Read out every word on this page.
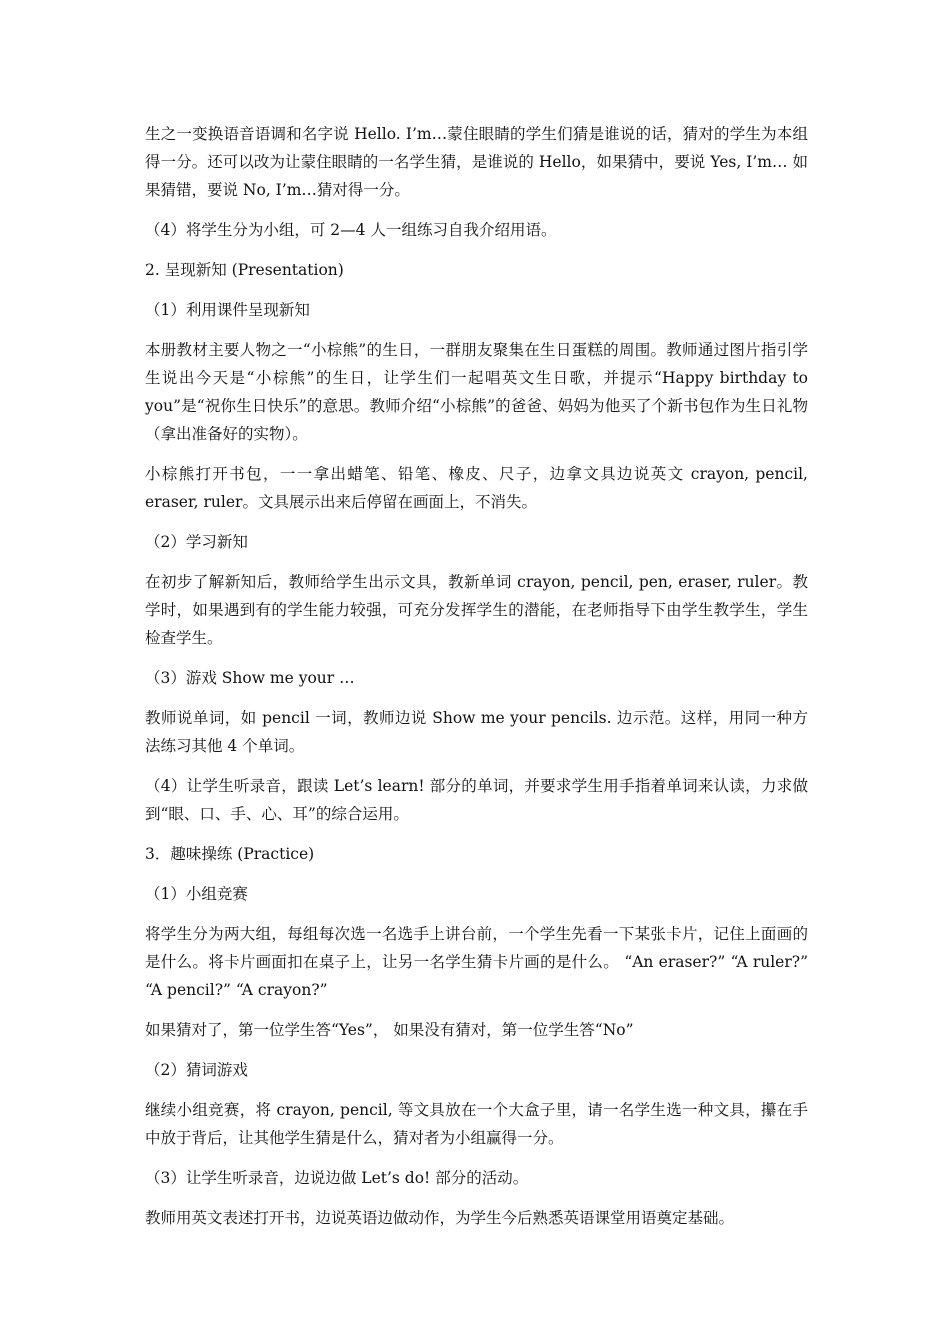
生之一变换语音语调和名字说 Hello. I’m…蒙住眼睛的学生们猜是谁说的话，猜对的学生为本组得一分。还可以改为让蒙住眼睛的一名学生猜，是谁说的 Hello，如果猜中，要说 Yes, I’m… 如果猜错，要说 No, I’m…猜对得一分。

（4）将学生分为小组，可 2—4 人一组练习自我介绍用语。

2. 呈现新知 (Presentation)

（1）利用课件呈现新知

本册教材主要人物之一“小棕熊”的生日，一群朋友聚集在生日蛋糕的周围。教师通过图片指引学生说出今天是“小棕熊”的生日，让学生们一起唱英文生日歌，并提示“Happy birthday to you”是“祝你生日快乐”的意思。教师介绍“小棕熊”的爸爸、妈妈为他买了个新书包作为生日礼物（拿出准备好的实物）。

小棕熊打开书包，一一拿出蜡笔、铅笔、橡皮、尺子，边拿文具边说英文 crayon, pencil, eraser, ruler。文具展示出来后停留在画面上，不消失。

（2）学习新知

在初步了解新知后，教师给学生出示文具，教新单词 crayon, pencil, pen, eraser, ruler。教学时，如果遇到有的学生能力较强，可充分发挥学生的潜能，在老师指导下由学生教学生，学生检查学生。

（3）游戏 Show me your …

教师说单词，如 pencil 一词，教师边说 Show me your pencils. 边示范。这样，用同一种方法练习其他 4 个单词。

（4）让学生听录音，跟读 Let’s learn! 部分的单词，并要求学生用手指着单词来认读，力求做到“眼、口、手、心、耳”的综合运用。

3．趣味操练 (Practice)

（1）小组竞赛

将学生分为两大组，每组每次选一名选手上讲台前，一个学生先看一下某张卡片，记住上面画的是什么。将卡片画面扣在桌子上，让另一名学生猜卡片画的是什么。 “An eraser?” “A ruler?” “A pencil?” “A crayon?”

如果猜对了，第一位学生答“Yes”， 如果没有猜对，第一位学生答“No”

（2）猜词游戏

继续小组竞赛，将 crayon, pencil, 等文具放在一个大盒子里，请一名学生选一种文具，攥在手中放于背后，让其他学生猜是什么，猜对者为小组赢得一分。

（3）让学生听录音，边说边做 Let’s do! 部分的活动。

教师用英文表述打开书，边说英语边做动作，为学生今后熟悉英语课堂用语奠定基础。
